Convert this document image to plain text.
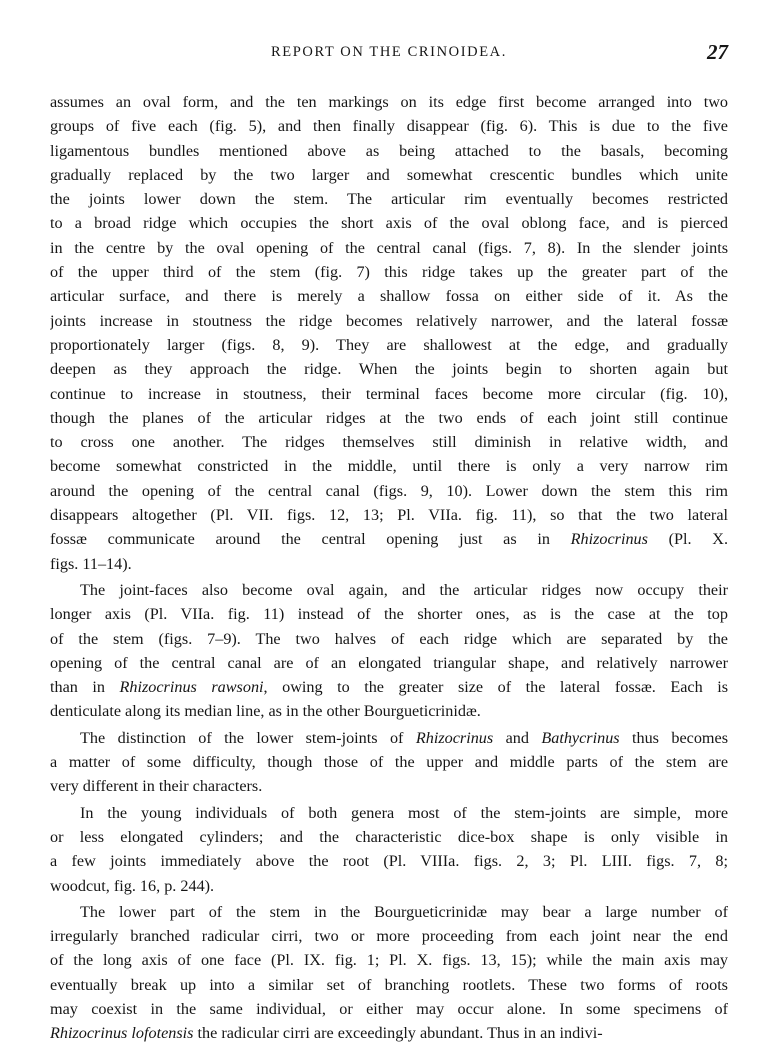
REPORT ON THE CRINOIDEA.	27
assumes an oval form, and the ten markings on its edge first become arranged into two
groups of five each (fig. 5), and then finally disappear (fig. 6). This is due to the five
ligamentous bundles mentioned above as being attached to the basals, becoming
gradually replaced by the two larger and somewhat crescentic bundles which unite
the joints lower down the stem. The articular rim eventually becomes restricted
to a broad ridge which occupies the short axis of the oval oblong face, and is pierced
in the centre by the oval opening of the central canal (figs. 7, 8). In the slender joints
of the upper third of the stem (fig. 7) this ridge takes up the greater part of the
articular surface, and there is merely a shallow fossa on either side of it. As the
joints increase in stoutness the ridge becomes relatively narrower, and the lateral fossæ
proportionately larger (figs. 8, 9). They are shallowest at the edge, and gradually
deepen as they approach the ridge. When the joints begin to shorten again but
continue to increase in stoutness, their terminal faces become more circular (fig. 10),
though the planes of the articular ridges at the two ends of each joint still continue
to cross one another. The ridges themselves still diminish in relative width, and
become somewhat constricted in the middle, until there is only a very narrow rim
around the opening of the central canal (figs. 9, 10). Lower down the stem this rim
disappears altogether (Pl. VII. figs. 12, 13; Pl. VIIa. fig. 11), so that the two lateral
fossæ communicate around the central opening just as in Rhizocrinus (Pl. X.
figs. 11–14).
The joint-faces also become oval again, and the articular ridges now occupy their
longer axis (Pl. VIIa. fig. 11) instead of the shorter ones, as is the case at the top
of the stem (figs. 7–9). The two halves of each ridge which are separated by the
opening of the central canal are of an elongated triangular shape, and relatively narrower
than in Rhizocrinus rawsoni, owing to the greater size of the lateral fossæ. Each is
denticulate along its median line, as in the other Bourgueticrinidæ.
The distinction of the lower stem-joints of Rhizocrinus and Bathycrinus thus becomes
a matter of some difficulty, though those of the upper and middle parts of the stem are
very different in their characters.
In the young individuals of both genera most of the stem-joints are simple, more
or less elongated cylinders; and the characteristic dice-box shape is only visible in
a few joints immediately above the root (Pl. VIIIa. figs. 2, 3; Pl. LIII. figs. 7, 8;
woodcut, fig. 16, p. 244).
The lower part of the stem in the Bourgueticrinidæ may bear a large number of
irregularly branched radicular cirri, two or more proceeding from each joint near the end
of the long axis of one face (Pl. IX. fig. 1; Pl. X. figs. 13, 15); while the main axis may
eventually break up into a similar set of branching rootlets. These two forms of roots
may coexist in the same individual, or either may occur alone. In some specimens of
Rhizocrinus lofotensis the radicular cirri are exceedingly abundant. Thus in an indivi-
